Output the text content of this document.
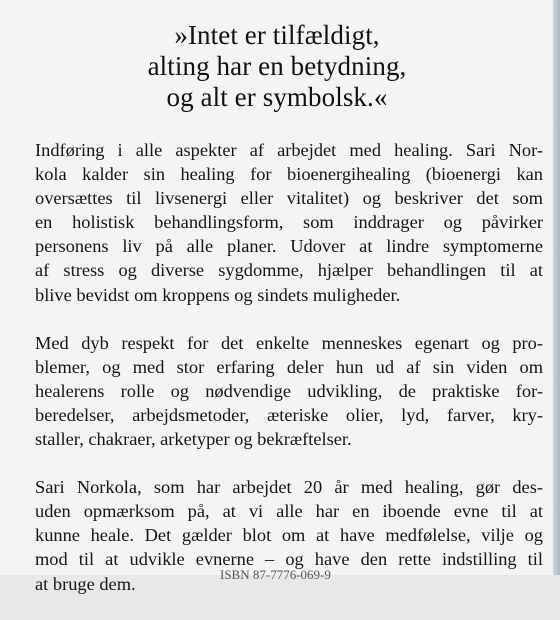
»Intet er tilfældigt,
alting har en betydning,
og alt er symbolsk.«
Indføring i alle aspekter af arbejdet med healing. Sari Nor-
kola kalder sin healing for bioenergihealing (bioenergi kan
oversættes til livsenergi eller vitalitet) og beskriver det som
en holistisk behandlingsform, som inddrager og påvirker
personens liv på alle planer. Udover at lindre symptomerne
af stress og diverse sygdomme, hjælper behandlingen til at
blive bevidst om kroppens og sindets muligheder.
Med dyb respekt for det enkelte menneskes egenart og pro-
blemer, og med stor erfaring deler hun ud af sin viden om
healerens rolle og nødvendige udvikling, de praktiske for-
beredelser, arbejdsmetoder, æteriske olier, lyd, farver, kry-
staller, chakraer, arketyper og bekræftelser.
Sari Norkola, som har arbejdet 20 år med healing, gør des-
uden opmærksom på, at vi alle har en iboende evne til at
kunne heale. Det gælder blot om at have medfølelse, vilje og
mod til at udvikle evnerne – og have den rette indstilling til
at bruge dem.	ISBN 87-7776-069-9
